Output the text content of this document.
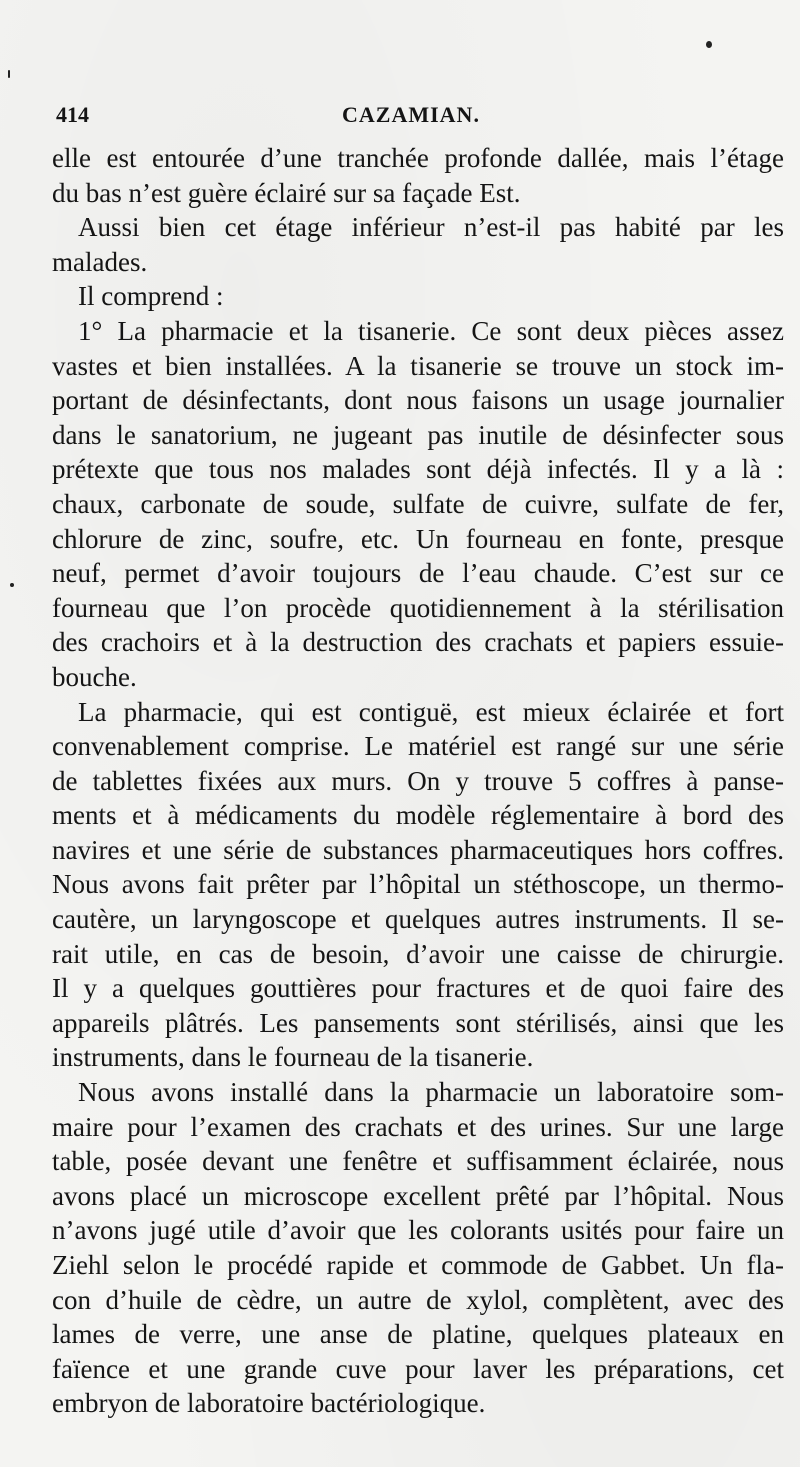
414	CAZAMIAN.
elle est entourée d’une tranchée profonde dallée, mais l’étage
du bas n’est guère éclairé sur sa façade Est.
Aussi bien cet étage inférieur n’est-il pas habité par les
malades.
Il comprend :
1° La pharmacie et la tisanerie. Ce sont deux pièces assez
vastes et bien installées. A la tisanerie se trouve un stock im-
portant de désinfectants, dont nous faisons un usage journalier
dans le sanatorium, ne jugeant pas inutile de désinfecter sous
prétexte que tous nos malades sont déjà infectés. Il y a là :
chaux, carbonate de soude, sulfate de cuivre, sulfate de fer,
chlorure de zinc, soufre, etc. Un fourneau en fonte, presque
neuf, permet d’avoir toujours de l’eau chaude. C’est sur ce
fourneau que l’on procède quotidiennement à la stérilisation
des crachoirs et à la destruction des crachats et papiers essuie-
bouche.
La pharmacie, qui est contiguë, est mieux éclairée et fort
convenablement comprise. Le matériel est rangé sur une série
de tablettes fixées aux murs. On y trouve 5 coffres à panse-
ments et à médicaments du modèle réglementaire à bord des
navires et une série de substances pharmaceutiques hors coffres.
Nous avons fait prêter par l’hôpital un stéthoscope, un thermo-
cautère, un laryngoscope et quelques autres instruments. Il se-
rait utile, en cas de besoin, d’avoir une caisse de chirurgie.
Il y a quelques gouttières pour fractures et de quoi faire des
appareils plâtrés. Les pansements sont stérilisés, ainsi que les
instruments, dans le fourneau de la tisanerie.
Nous avons installé dans la pharmacie un laboratoire som-
maire pour l’examen des crachats et des urines. Sur une large
table, posée devant une fenêtre et suffisamment éclairée, nous
avons placé un microscope excellent prêté par l’hôpital. Nous
n’avons jugé utile d’avoir que les colorants usités pour faire un
Ziehl selon le procédé rapide et commode de Gabbet. Un fla-
con d’huile de cèdre, un autre de xylol, complètent, avec des
lames de verre, une anse de platine, quelques plateaux en
faïence et une grande cuve pour laver les préparations, cet
embryon de laboratoire bactériologique.
